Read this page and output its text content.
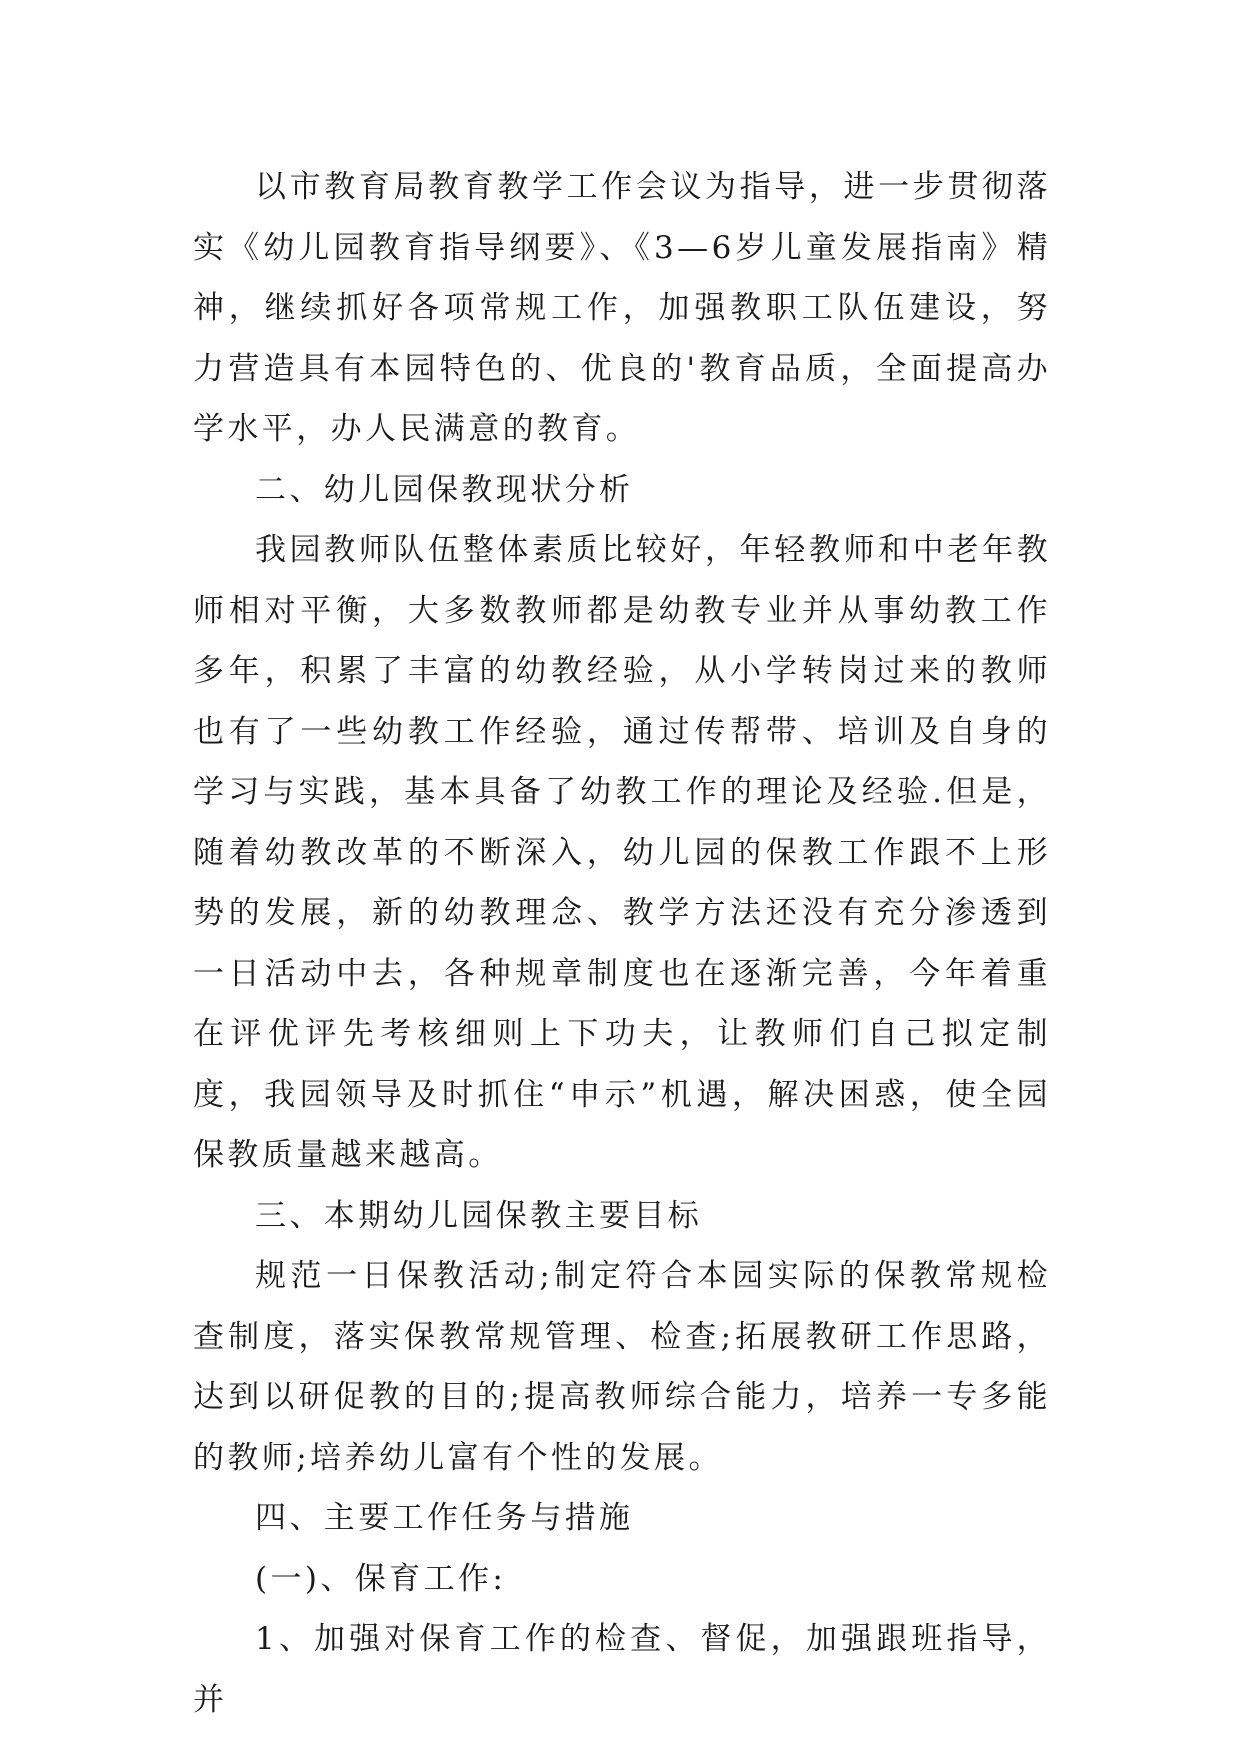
以市教育局教育教学工作会议为指导，进一步贯彻落实《幼儿园教育指导纲要》、《3—6岁儿童发展指南》精神，继续抓好各项常规工作，加强教职工队伍建设，努力营造具有本园特色的、优良的'教育品质，全面提高办学水平，办人民满意的教育。

二、幼儿园保教现状分析

我园教师队伍整体素质比较好，年轻教师和中老年教师相对平衡，大多数教师都是幼教专业并从事幼教工作多年，积累了丰富的幼教经验，从小学转岗过来的教师也有了一些幼教工作经验，通过传帮带、培训及自身的学习与实践，基本具备了幼教工作的理论及经验.但是，随着幼教改革的不断深入，幼儿园的保教工作跟不上形势的发展，新的幼教理念、教学方法还没有充分渗透到一日活动中去，各种规章制度也在逐渐完善，今年着重在评优评先考核细则上下功夫，让教师们自己拟定制度，我园领导及时抓住“申示”机遇，解决困惑，使全园保教质量越来越高。

三、本期幼儿园保教主要目标

规范一日保教活动;制定符合本园实际的保教常规检查制度，落实保教常规管理、检查;拓展教研工作思路，达到以研促教的目的;提高教师综合能力，培养一专多能的教师;培养幼儿富有个性的发展。

四、主要工作任务与措施

(一)、保育工作:

1、加强对保育工作的检查、督促，加强跟班指导，并
